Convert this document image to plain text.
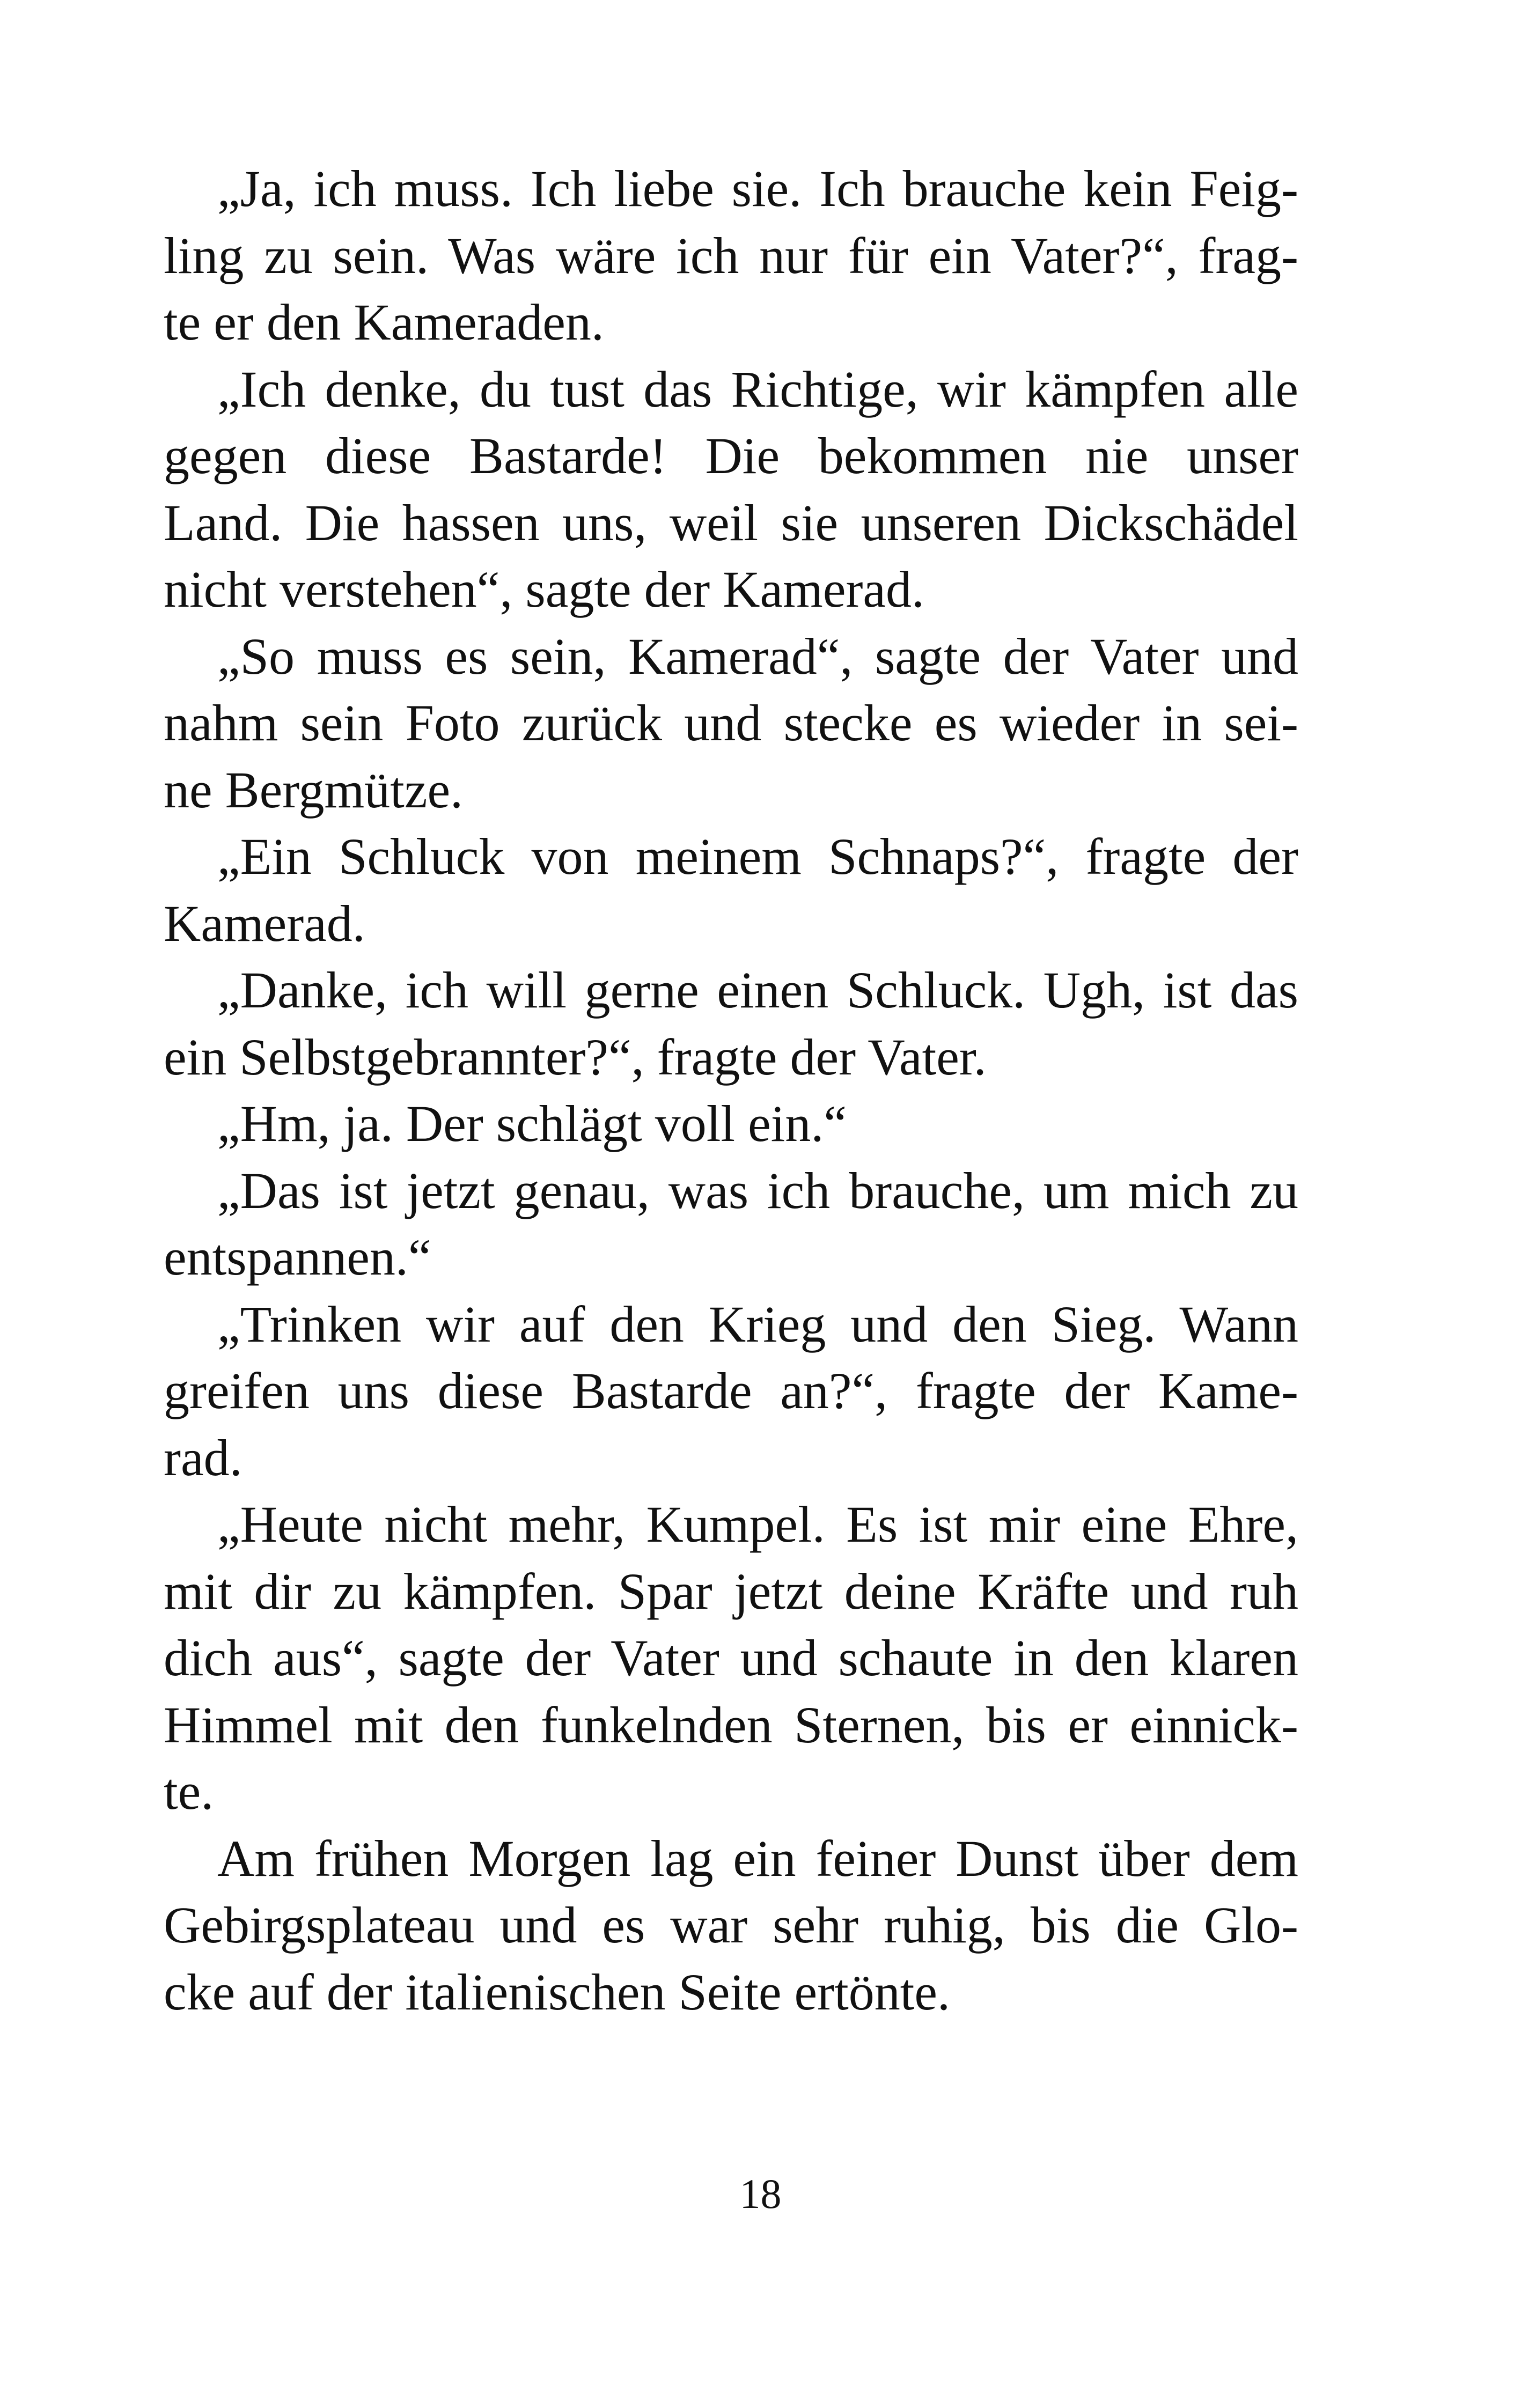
„Ja, ich muss. Ich liebe sie. Ich brauche kein Feig-
ling zu sein. Was wäre ich nur für ein Vater?“, frag-
te er den Kameraden.
„Ich denke, du tust das Richtige, wir kämpfen alle
gegen diese Bastarde! Die bekommen nie unser
Land. Die hassen uns, weil sie unseren Dickschädel
nicht verstehen“, sagte der Kamerad.
„So muss es sein, Kamerad“, sagte der Vater und
nahm sein Foto zurück und stecke es wieder in sei-
ne Bergmütze.
„Ein Schluck von meinem Schnaps?“, fragte der
Kamerad.
„Danke, ich will gerne einen Schluck. Ugh, ist das
ein Selbstgebrannter?“, fragte der Vater.
„Hm, ja. Der schlägt voll ein.“
„Das ist jetzt genau, was ich brauche, um mich zu
entspannen.“
„Trinken wir auf den Krieg und den Sieg. Wann
greifen uns diese Bastarde an?“, fragte der Kame-
rad.
„Heute nicht mehr, Kumpel. Es ist mir eine Ehre,
mit dir zu kämpfen. Spar jetzt deine Kräfte und ruh
dich aus“, sagte der Vater und schaute in den klaren
Himmel mit den funkelnden Sternen, bis er einnick-
te.
Am frühen Morgen lag ein feiner Dunst über dem
Gebirgsplateau und es war sehr ruhig, bis die Glo-
cke auf der italienischen Seite ertönte.
18
